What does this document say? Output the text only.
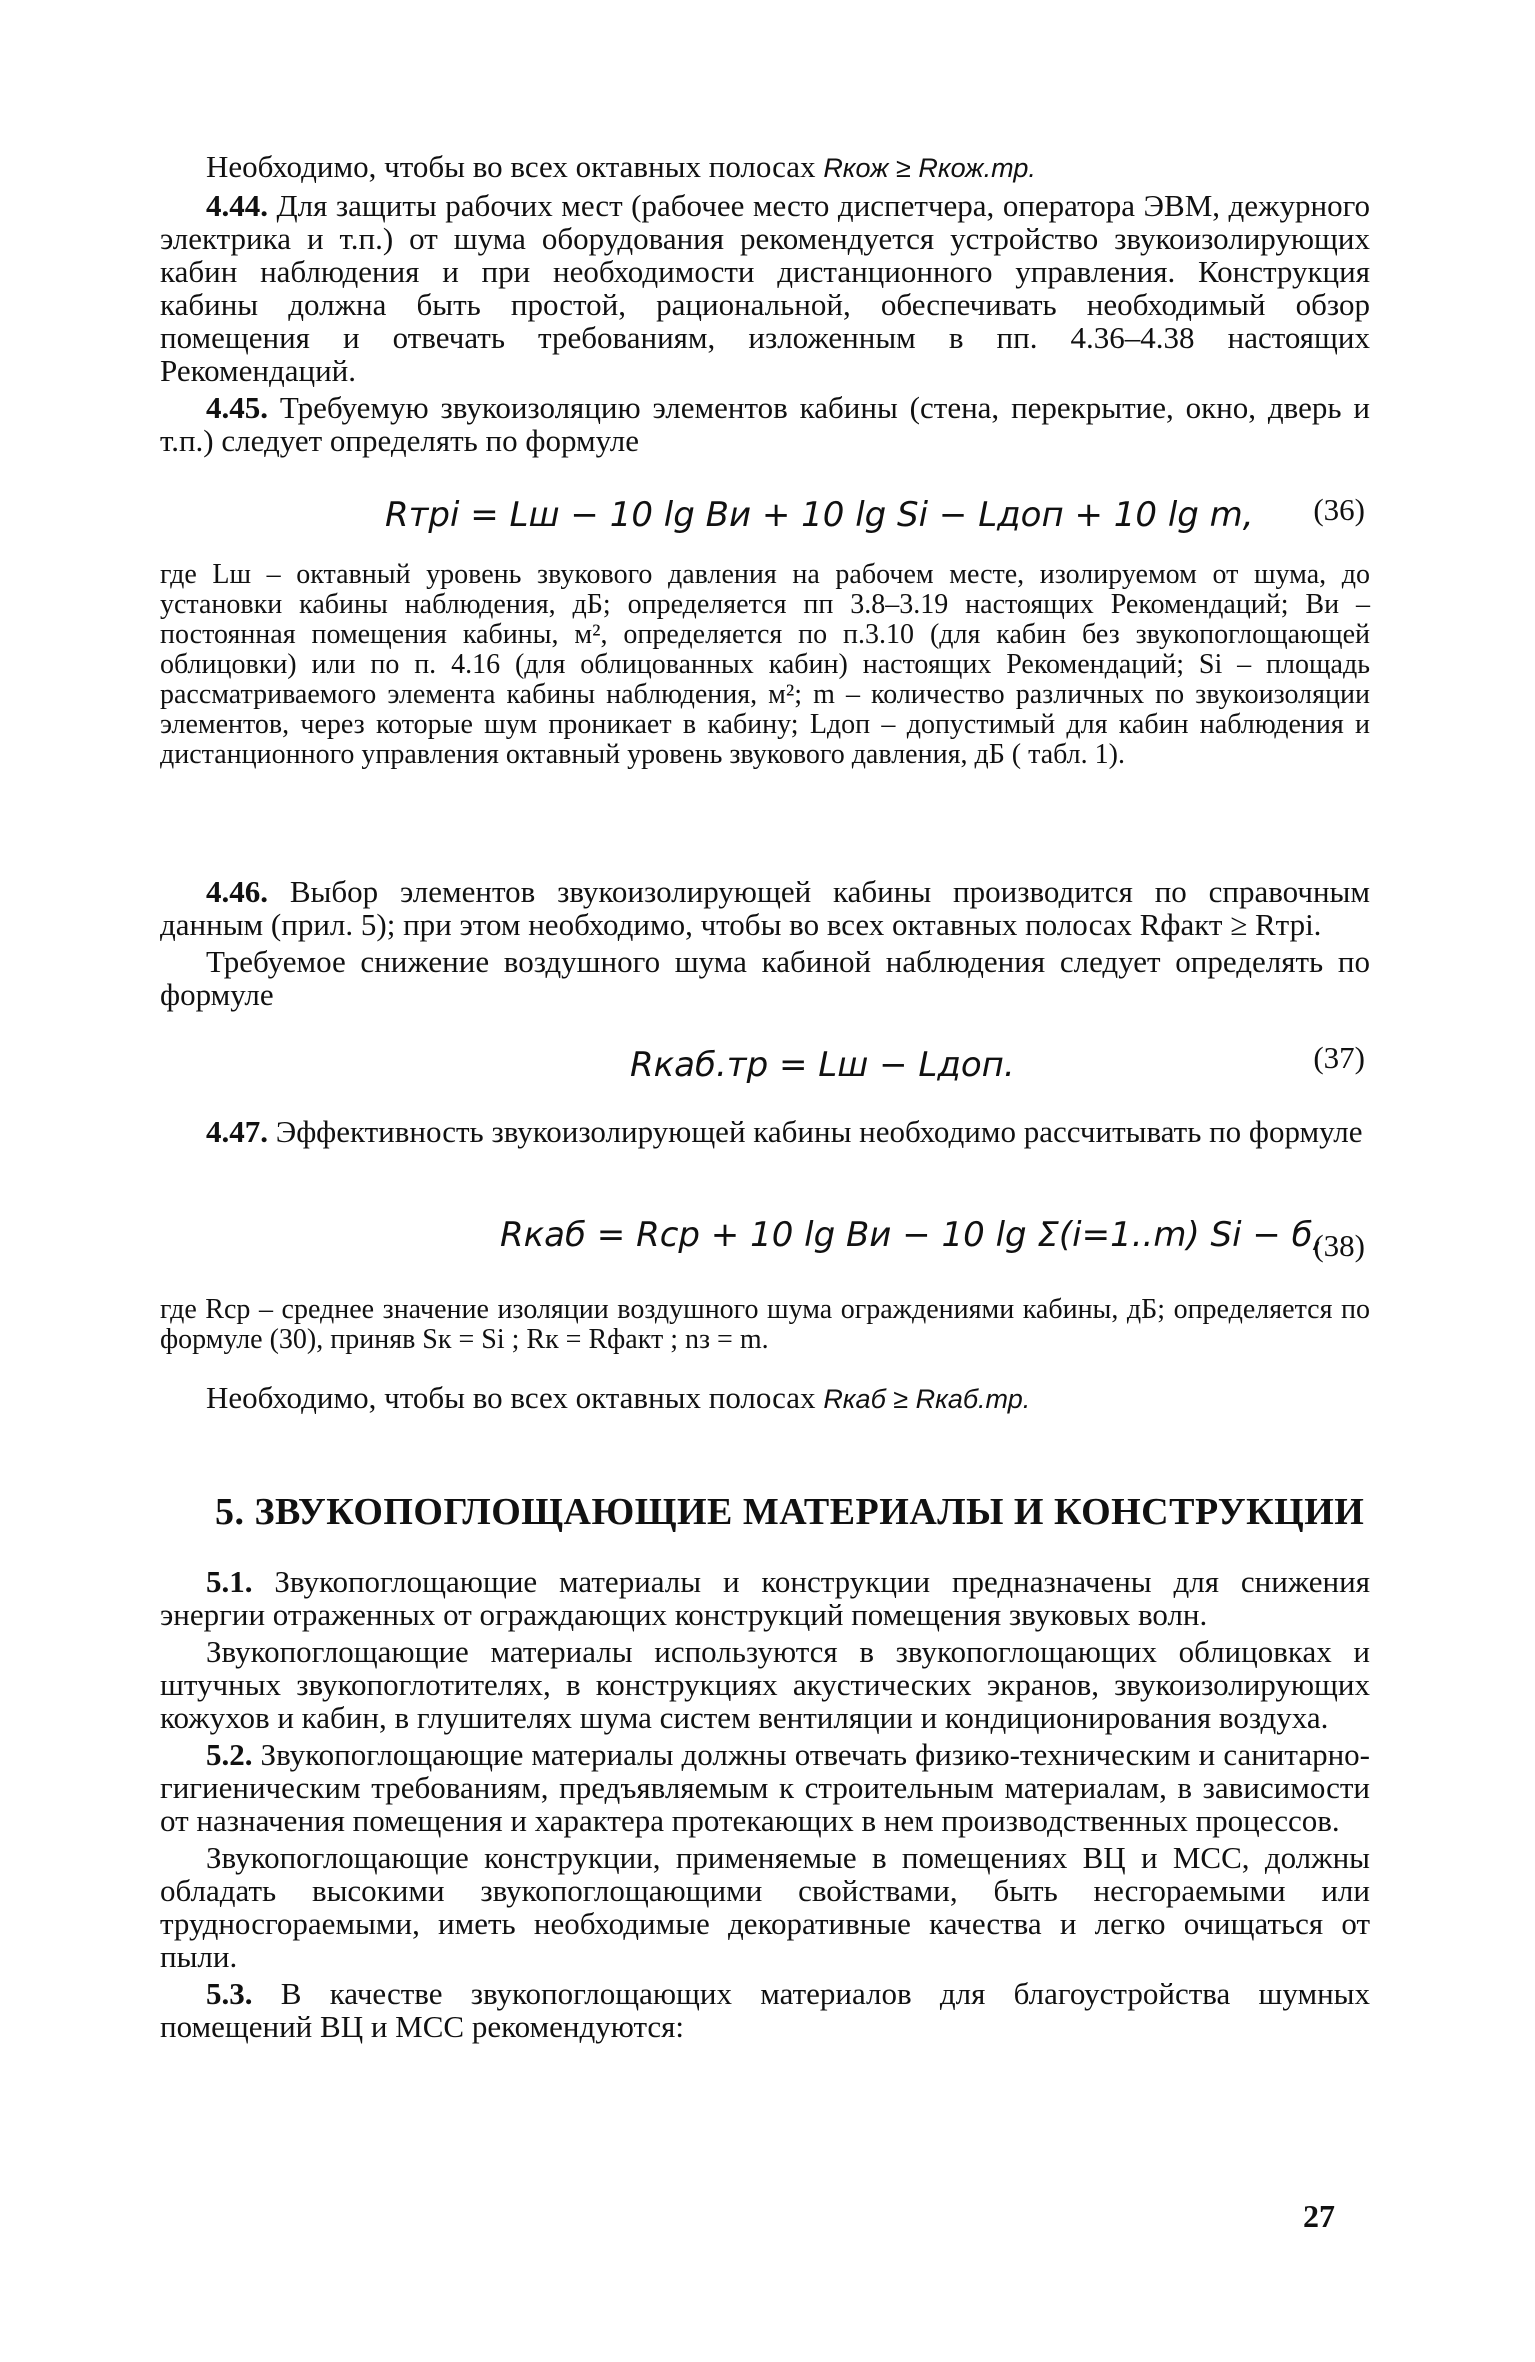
Необходимо, чтобы во всех октавных полосах Rкож ≥ Rкож.тр.

4.44. Для защиты рабочих мест (рабочее место диспетчера, оператора ЭВМ, дежурного электрика и т.п.) от шума оборудования рекомендуется устройство звукоизолирующих кабин наблюдения и при необходимости дистанционного управления. Конструкция кабины должна быть простой, рациональной, обеспечивать необходимый обзор помещения и отвечать требованиям, изложенным в пп. 4.36–4.38 настоящих Рекомендаций.

4.45. Требуемую звукоизоляцию элементов кабины (стена, перекрытие, окно, дверь и т.п.) следует определять по формуле

Rтрi = Lш − 10 lg Bи + 10 lg Si − Lдоп + 10 lg m, (36)

где Lш – октавный уровень звукового давления на рабочем месте, изолируемом от шума, до установки кабины наблюдения, дБ; определяется пп 3.8–3.19 настоящих Рекомендаций; Bи – постоянная помещения кабины, м², определяется по п.3.10 (для кабин без звукопоглощающей облицовки) или по п. 4.16 (для облицованных кабин) настоящих Рекомендаций; Si – площадь рассматриваемого элемента кабины наблюдения, м²; m – количество различных по звукоизоляции элементов, через которые шум проникает в кабину; Lдоп – допустимый для кабин наблюдения и дистанционного управления октавный уровень звукового давления, дБ ( табл. 1).

4.46. Выбор элементов звукоизолирующей кабины производится по справочным данным (прил. 5); при этом необходимо, чтобы во всех октавных полосах Rфакт ≥ Rтрi.

Требуемое снижение воздушного шума кабиной наблюдения следует определять по формуле

Rкаб.тр = Lш − Lдоп.	(37)

4.47. Эффективность звукоизолирующей кабины необходимо рассчитывать по формуле

Rкаб = Rср + 10 lg Bи − 10 lg Σ(i=1..m) Si − б,
(38)

где Rср – среднее значение изоляции воздушного шума ограждениями кабины, дБ; определяется по формуле (30), приняв Sк = Si ; Rк = Rфакт ; nз = m.

Необходимо, чтобы во всех октавных полосах Rкаб ≥ Rкаб.тр.

5. ЗВУКОПОГЛОЩАЮЩИЕ МАТЕРИАЛЫ И КОНСТРУКЦИИ

5.1. Звукопоглощающие материалы и конструкции предназначены для снижения энергии отраженных от ограждающих конструкций помещения звуковых волн.

Звукопоглощающие материалы используются в звукопоглощающих облицовках и штучных звукопоглотителях, в конструкциях акустических экранов, звукоизолирующих кожухов и кабин, в глушителях шума систем вентиляции и кондиционирования воздуха.

5.2. Звукопоглощающие материалы должны отвечать физико-техническим и санитарно-гигиеническим требованиям, предъявляемым к строительным материалам, в зависимости от назначения помещения и характера протекающих в нем производственных процессов.

Звукопоглощающие конструкции, применяемые в помещениях ВЦ и МСС, должны обладать высокими звукопоглощающими свойствами, быть несгораемыми или трудносгораемыми, иметь необходимые декоративные качества и легко очищаться от пыли.

5.3. В качестве звукопоглощающих материалов для благоустройства шумных помещений ВЦ и МСС рекомендуются:

27
